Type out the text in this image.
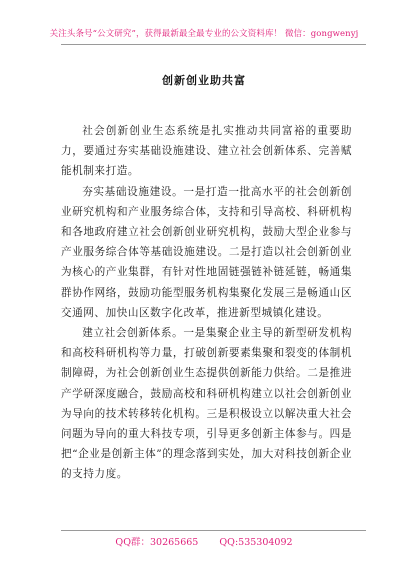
关注头条号“公文研究”，获得最新最全最专业的公文资料库！ 微信：gongwenyj
创新创业助共富

社会创新创业生态系统是扎实推动共同富裕的重要助力，要通过夯实基础设施建设、建立社会创新体系、完善赋能机制来打造。

夯实基础设施建设。一是打造一批高水平的社会创新创业研究机构和产业服务综合体，支持和引导高校、科研机构和各地政府建立社会创新创业研究机构，鼓励大型企业参与产业服务综合体等基础设施建设。二是打造以社会创新创业为核心的产业集群，有针对性地固链强链补链延链，畅通集群协作网络，鼓励功能型服务机构集聚化发展三是畅通山区交通网、加快山区数字化改革，推进新型城镇化建设。

建立社会创新体系。一是集聚企业主导的新型研发机构和高校科研机构等力量，打破创新要素集聚和裂变的体制机制障碍，为社会创新创业生态提供创新能力供给。二是推进产学研深度融合，鼓励高校和科研机构建立以社会创新创业为导向的技术转移转化机构。三是积极设立以解决重大社会问题为导向的重大科技专项，引导更多创新主体参与。四是把“企业是创新主体”的理念落到实处，加大对科技创新企业的支持力度。

QQ群：30265665 QQ:535304092
